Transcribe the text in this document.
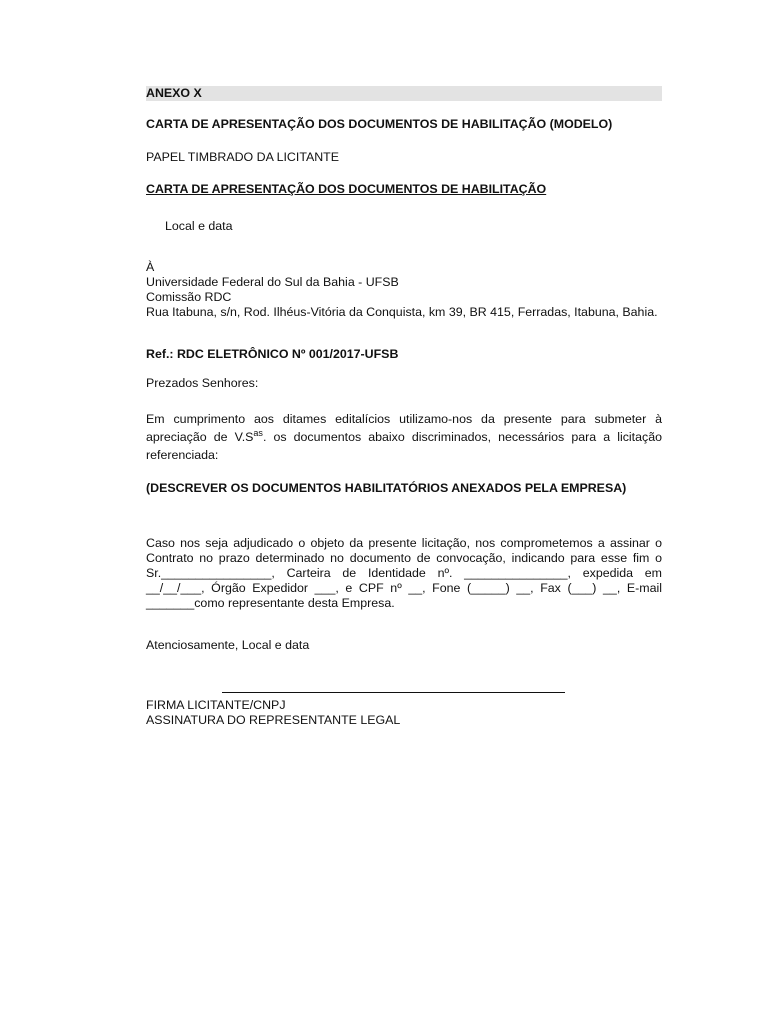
ANEXO X
CARTA DE APRESENTAÇÃO DOS DOCUMENTOS DE HABILITAÇÃO (MODELO)
PAPEL TIMBRADO DA LICITANTE
CARTA DE APRESENTAÇÃO DOS DOCUMENTOS DE HABILITAÇÃO
Local e data
À
Universidade Federal do Sul da Bahia - UFSB
Comissão RDC
Rua Itabuna, s/n, Rod. Ilhéus-Vitória da Conquista, km 39, BR 415, Ferradas, Itabuna, Bahia.
Ref.: RDC ELETRÔNICO Nº 001/2017-UFSB
Prezados Senhores:
Em cumprimento aos ditames editalícios utilizamo-nos da presente para submeter à apreciação de $V.S^{as}$. os documentos abaixo discriminados, necessários para a licitação referenciada:
(DESCREVER OS DOCUMENTOS HABILITATÓRIOS ANEXADOS PELA EMPRESA)
Caso nos seja adjudicado o objeto da presente licitação, nos comprometemos a assinar o Contrato no prazo determinado no documento de convocação, indicando para esse fim o Sr.________________, Carteira de Identidade nº. _______________, expedida em __/__/___, Órgão Expedidor ___, e CPF nº __, Fone (_____) __, Fax (___) __, E-mail _______como representante desta Empresa.
Atenciosamente, Local e data
FIRMA LICITANTE/CNPJ
ASSINATURA DO REPRESENTANTE LEGAL
